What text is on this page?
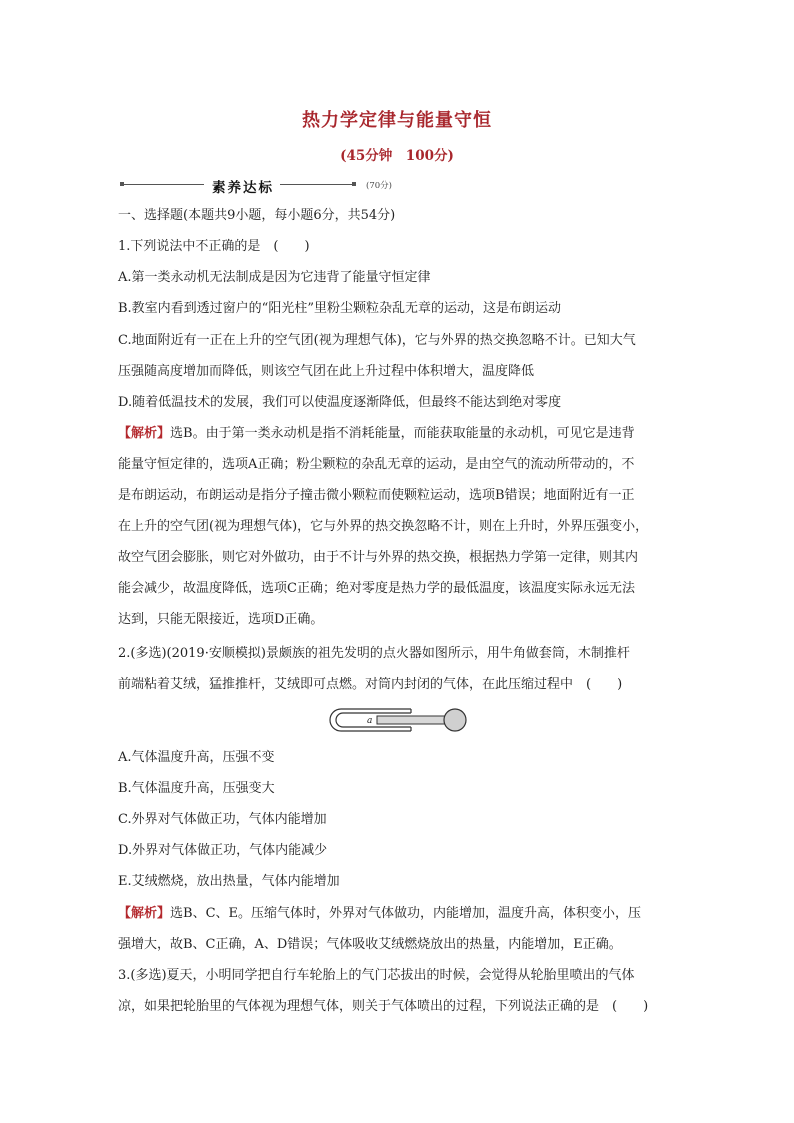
热力学定律与能量守恒
(45分钟　100分)
素养达标	(70分)
一、选择题(本题共9小题，每小题6分，共54分)
1.下列说法中不正确的是　(　　)
A.第一类永动机无法制成是因为它违背了能量守恒定律
B.教室内看到透过窗户的“阳光柱”里粉尘颗粒杂乱无章的运动，这是布朗运动
C.地面附近有一正在上升的空气团(视为理想气体)，它与外界的热交换忽略不计。已知大气
压强随高度增加而降低，则该空气团在此上升过程中体积增大，温度降低
D.随着低温技术的发展，我们可以使温度逐渐降低，但最终不能达到绝对零度
【解析】选B。由于第一类永动机是指不消耗能量，而能获取能量的永动机，可见它是违背
能量守恒定律的，选项A正确；粉尘颗粒的杂乱无章的运动，是由空气的流动所带动的，不
是布朗运动，布朗运动是指分子撞击微小颗粒而使颗粒运动，选项B错误；地面附近有一正
在上升的空气团(视为理想气体)，它与外界的热交换忽略不计，则在上升时，外界压强变小，
故空气团会膨胀，则它对外做功，由于不计与外界的热交换，根据热力学第一定律，则其内
能会减少，故温度降低，选项C正确；绝对零度是热力学的最低温度，该温度实际永远无法
达到，只能无限接近，选项D正确。
2.(多选)(2019·安顺模拟)景颇族的祖先发明的点火器如图所示，用牛角做套筒，木制推杆
前端粘着艾绒，猛推推杆，艾绒即可点燃。对筒内封闭的气体，在此压缩过程中　(　　)
a
A.气体温度升高，压强不变
B.气体温度升高，压强变大
C.外界对气体做正功，气体内能增加
D.外界对气体做正功，气体内能减少
E.艾绒燃烧，放出热量，气体内能增加
【解析】选B、C、E。压缩气体时，外界对气体做功，内能增加，温度升高，体积变小，压
强增大，故B、C正确，A、D错误；气体吸收艾绒燃烧放出的热量，内能增加，E正确。
3.(多选)夏天，小明同学把自行车轮胎上的气门芯拔出的时候，会觉得从轮胎里喷出的气体
凉，如果把轮胎里的气体视为理想气体，则关于气体喷出的过程，下列说法正确的是　(　　)
